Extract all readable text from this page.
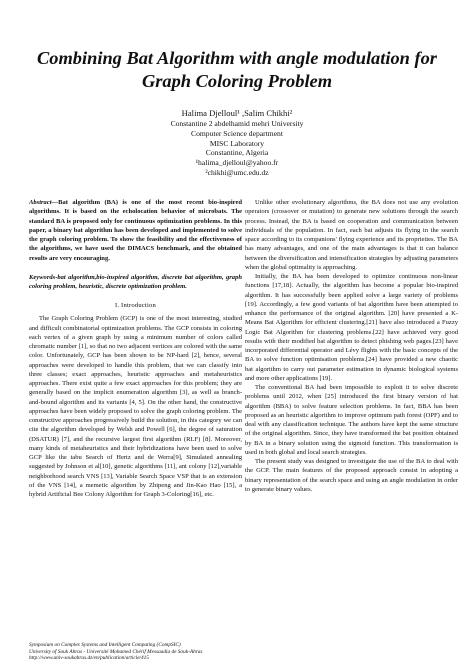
Combining Bat Algorithm with angle modulation for Graph Coloring Problem
Halima Djelloul¹ ,Salim Chikhi²
Constantine 2 abdelhamid mehri University
Computer Science department
MISC Laboratory
Constantine, Algeria
¹halima_djelloul@yahoo.fr
²chikhi@umc.edu.dz

Abstract—Bat algorithm (BA) is one of the most recent bio-inspired algorithms. It is based on the echolocation behavior of microbats. The standard BA is proposed only for continuous optimization problems. In this paper, a binary bat algorithm has been developed and implemented to solve the graph coloring problem. To show the feasibility and the effectiveness of the algorithms, we have used the DIMACS benchmark, and the obtained results are very encouraging.

Keywords-bat algorithm,bio-inspired algorithm, discrete bat algorithm, graph coloring problem, heuristic, discrete optimization problem.

I. Introduction

The Graph Coloring Problem (GCP) is one of the most interesting, studied and difficult combinatorial optimization problems. The GCP consists in coloring each vertex of a given graph by using a minimum number of colors called chromatic number [1], so that no two adjacent vertices are colored with the same color. Unfortunately, GCP has been shown to be NP-hard [2], hence, several approaches were developed to handle this problem, that we can classify into three classes; exact approaches, heuristic approaches and metaheuristics approaches. There exist quite a few exact approaches for this problem; they are generally based on the implicit enumeration algorithm [3], as well as branch-and-bound algorithm and its variants [4, 5]. On the other hand, the constructive approaches have been widely proposed to solve the graph coloring problem. The constructive approaches progressively build the solution, in this category we can cite the algorithm developed by Welsh and Powell [6], the degree of saturation (DSATUR) [7], and the recursive largest first algorithm (RLF) [8]. Moreover, many kinds of metaheuristics and their hybridizations have been used to solve GCP like the tabu Search of Hertz and de Werra[9], Simulated annealing suggested by Johnson et al[10], genetic algorithms [11], ant colony [12],variable neighborhood search VNS [13], Variable Search Space VSP that is an extension of the VNS [14], a memetic algorithm by Zhipeng and Jin-Kao Hao [15], a hybrid Artificial Bee Colony Algorithm for Graph 3-Coloring[16], etc.

Unlike other evolutionary algorithms, the BA does not use any evolution operators (crossover or mutation) to generate new solutions through the search process. Instead, the BA is based on cooperation and communication between individuals of the population. In fact, each bat adjusts its flying in the search space according to its companions' flying experience and its proprieties. The BA has many advantages, and one of the main advantages is that it can balance between the diversification and intensification strategies by adjusting parameters when the global optimality is approaching.

Initially, the BA has been developed to optimize continuous non-linear functions [17,18]. Actually, the algorithm has become a popular bio-inspired algorithm. It has successfully been applied solve a large variety of problems [19]. Accordingly, a few good variants of bat algorithm have been attempted to enhance the performance of the original algorithm. [20] have presented a K-Means Bat Algorithm for efficient clustering.[21] have also introduced a Fuzzy Logic Bat Algorithm for clustering problems.[22] have achieved very good results with their modified bat algorithm to detect phishing web pages.[23] have incorporated differential operator and Lévy flights with the basic concepts of the BA to solve function optimisation problems.[24] have provided a new chaotic bat algorithm to carry out parameter estimation in dynamic biological systems and more other applications [19].

The conventional BA had been impossible to exploit it to solve discrete problems until 2012, when [25] introduced the first binary version of bat algorithm (BBA) to solve feature selection problems. In fact, BBA has been proposed as an heuristic algorithm to improve optimum path forest (OPF) and to deal with any classification technique. The authors have kept the same structure of the original algorithm. Since, they have transformed the bat position obtained by BA in a binary solution using the sigmoid function. This transformation is used in both global and local search strategies.

The present study was designed to investigate the use of the BA to deal with the GCP. The main features of the proposed approach consist in adopting a binary representation of the search space and using an angle modulation in order to generate binary values.

Symposium on Complex Systems and Intelligent Computing (CompSIC)
University of Souk Ahras - Université Mohamed Chérif Messaadia de Souk-Ahras
http://www.univ-soukahras.dz/en/publication/article/415
